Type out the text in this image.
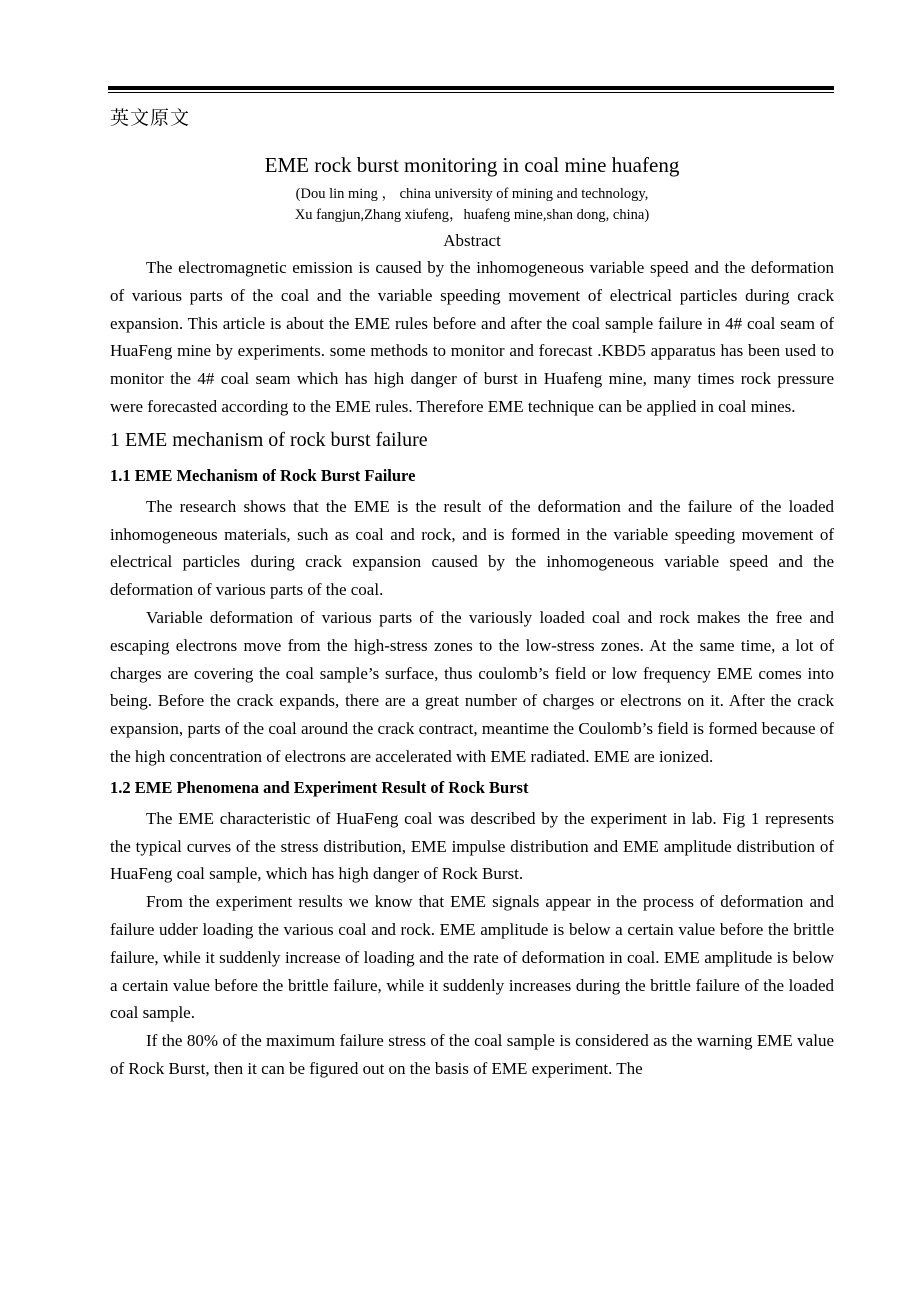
英文原文
EME rock burst monitoring in coal mine huafeng

(Dou lin ming ， china university of mining and technology,

Xu fangjun,Zhang xiufeng，huafeng mine,shan dong, china)

Abstract

The electromagnetic emission is caused by the inhomogeneous variable speed and the deformation of various parts of the coal and the variable speeding movement of electrical particles during crack expansion. This article is about the EME rules before and after the coal sample failure in 4# coal seam of HuaFeng mine by experiments. some methods to monitor and forecast .KBD5 apparatus has been used to monitor the 4# coal seam which has high danger of burst in Huafeng mine, many times rock pressure were forecasted according to the EME rules. Therefore EME technique can be applied in coal mines.

1 EME mechanism of rock burst failure
1.1 EME Mechanism of Rock Burst Failure

The research shows that the EME is the result of the deformation and the failure of the loaded inhomogeneous materials, such as coal and rock, and is formed in the variable speeding movement of electrical particles during crack expansion caused by the inhomogeneous variable speed and the deformation of various parts of the coal.

Variable deformation of various parts of the variously loaded coal and rock makes the free and escaping electrons move from the high-stress zones to the low-stress zones. At the same time, a lot of charges are covering the coal sample’s surface, thus coulomb’s field or low frequency EME comes into being. Before the crack expands, there are a great number of charges or electrons on it. After the crack expansion, parts of the coal around the crack contract, meantime the Coulomb’s field is formed because of the high concentration of electrons are accelerated with EME radiated. EME are ionized.

1.2 EME Phenomena and Experiment Result of Rock Burst

The EME characteristic of HuaFeng coal was described by the experiment in lab. Fig 1 represents the typical curves of the stress distribution, EME impulse distribution and EME amplitude distribution of HuaFeng coal sample, which has high danger of Rock Burst.

From the experiment results we know that EME signals appear in the process of deformation and failure udder loading the various coal and rock. EME amplitude is below a certain value before the brittle failure, while it suddenly increase of loading and the rate of deformation in coal. EME amplitude is below a certain value before the brittle failure, while it suddenly increases during the brittle failure of the loaded coal sample.

If the 80% of the maximum failure stress of the coal sample is considered as the warning EME value of Rock Burst, then it can be figured out on the basis of EME experiment. The
